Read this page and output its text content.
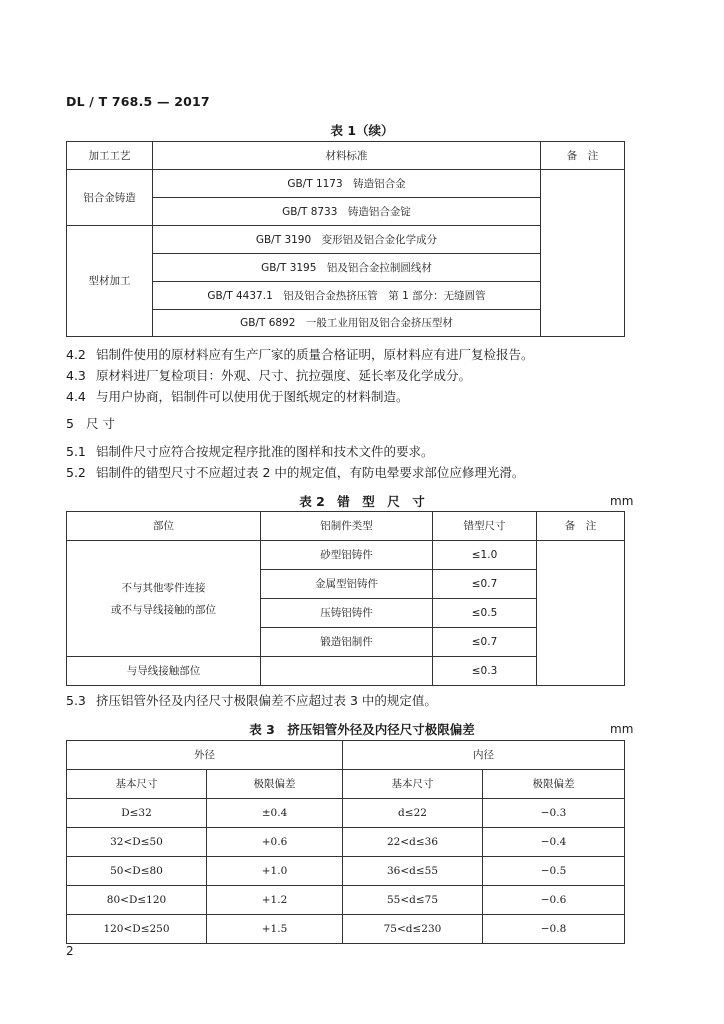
DL / T 768.5 — 2017
表 1（续）
加工工艺	材料标准	备　注
铝合金铸造	GB/T 1173　铸造铝合金	
	GB/T 8733　铸造铝合金锭	
型材加工	GB/T 3190　变形铝及铝合金化学成分	
	GB/T 3195　铝及铝合金拉制圆线材	
	GB/T 4437.1　铝及铝合金热挤压管　第 1 部分：无缝圆管	
	GB/T 6892　一般工业用铝及铝合金挤压型材	
4.2 铝制件使用的原材料应有生产厂家的质量合格证明，原材料应有进厂复检报告。
4.3 原材料进厂复检项目：外观、尺寸、抗拉强度、延长率及化学成分。
4.4 与用户协商，铝制件可以使用优于图纸规定的材料制造。
5 尺寸
5.1 铝制件尺寸应符合按规定程序批准的图样和技术文件的要求。
5.2 铝制件的错型尺寸不应超过表 2 中的规定值，有防电晕要求部位应修理光滑。
表 2　错　型　尺　寸	mm
部位	铝制件类型	错型尺寸	备　注

不与其他零件连接
或不与导线接触的部位	砂型铝铸件	≤1.0	
	金属型铝铸件	≤0.7	
	压铸铝铸件	≤0.5	
	锻造铝制件	≤0.7	
与导线接触部位		≤0.3	
5.3 挤压铝管外径及内径尺寸极限偏差不应超过表 3 中的规定值。
表 3　挤压铝管外径及内径尺寸极限偏差	mm
外径		内径	
基本尺寸	极限偏差	基本尺寸	极限偏差
D≤32	±0.4	d≤22	−0.3
32<D≤50	+0.6	22<d≤36	−0.4
50<D≤80	+1.0	36<d≤55	−0.5
80<D≤120	+1.2	55<d≤75	−0.6
120<D≤250	+1.5	75<d≤230	−0.8
2
